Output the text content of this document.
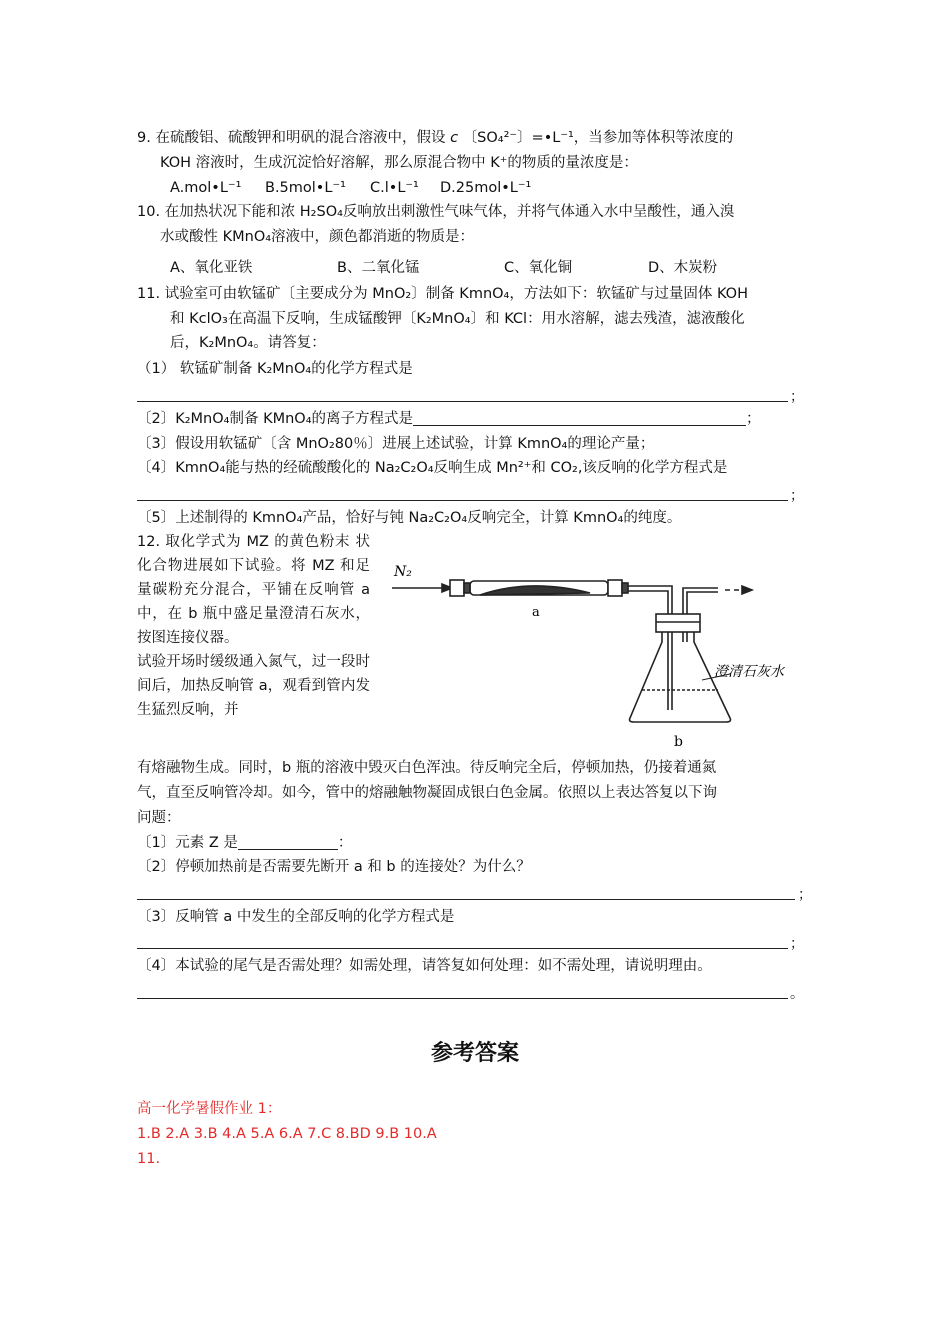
9. 在硫酸铝、硫酸钾和明矾的混合溶液中，假设 c 〔SO₄²⁻〕=•L⁻¹，当参加等体积等浓度的
KOH 溶液时，生成沉淀恰好溶解，那么原混合物中 K⁺的物质的量浓度是：
A.mol•L⁻¹ B.5mol•L⁻¹ C.l•L⁻¹ D.25mol•L⁻¹
10. 在加热状况下能和浓 H₂SO₄反响放出刺激性气味气体，并将气体通入水中呈酸性，通入溴
水或酸性 KMnO₄溶液中，颜色都消逝的物质是：
A、氧化亚铁	B、二氧化锰	C、氧化铜	D、木炭粉
11. 试验室可由软锰矿〔主要成分为 MnO₂〕制备 KmnO₄，方法如下：软锰矿与过量固体 KOH
和 KclO₃在高温下反响，生成锰酸钾〔K₂MnO₄〕和 KCl：用水溶解，滤去残渣，滤液酸化
后，K₂MnO₄。请答复：
（1） 软锰矿制备 K₂MnO₄的化学方程式是
；
〔2〕K₂MnO₄制备 KMnO₄的离子方程式是	；
〔3〕假设用软锰矿〔含 MnO₂80％〕进展上述试验，计算 KmnO₄的理论产量；
〔4〕KmnO₄能与热的经硫酸酸化的 Na₂C₂O₄反响生成 Mn²⁺和 CO₂,该反响的化学方程式是
；
〔5〕上述制得的 KmnO₄产品，恰好与钝 Na₂C₂O₄反响完全，计算 KmnO₄的纯度。
12. 取化学式为 MZ 的黄色粉末 状化合物进展如下试验。将 MZ 和足量碳粉充分混合，平铺在反响管 a 中，在 b 瓶中盛足量澄清石灰水，按图连接仪器。
试验开场时缓级通入氮气，过一段时间后，加热反响管 a，观看到管内发生猛烈反响，并
N₂
a
b
澄清石灰水
有熔融物生成。同时，b 瓶的溶液中毁灭白色浑浊。待反响完全后，停顿加热，仍接着通氮
气，直至反响管冷却。如今，管中的熔融触物凝固成银白色金属。依照以上表达答复以下询
问题：
〔1〕元素 Z 是	：
〔2〕停顿加热前是否需要先断开 a 和 b 的连接处？为什么？
；
〔3〕反响管 a 中发生的全部反响的化学方程式是
；
〔4〕本试验的尾气是否需处理？如需处理，请答复如何处理：如不需处理，请说明理由。
。
参考答案
高一化学暑假作业 1：
1.B 2.A 3.B 4.A 5.A 6.A 7.C 8.BD 9.B 10.A
11.
